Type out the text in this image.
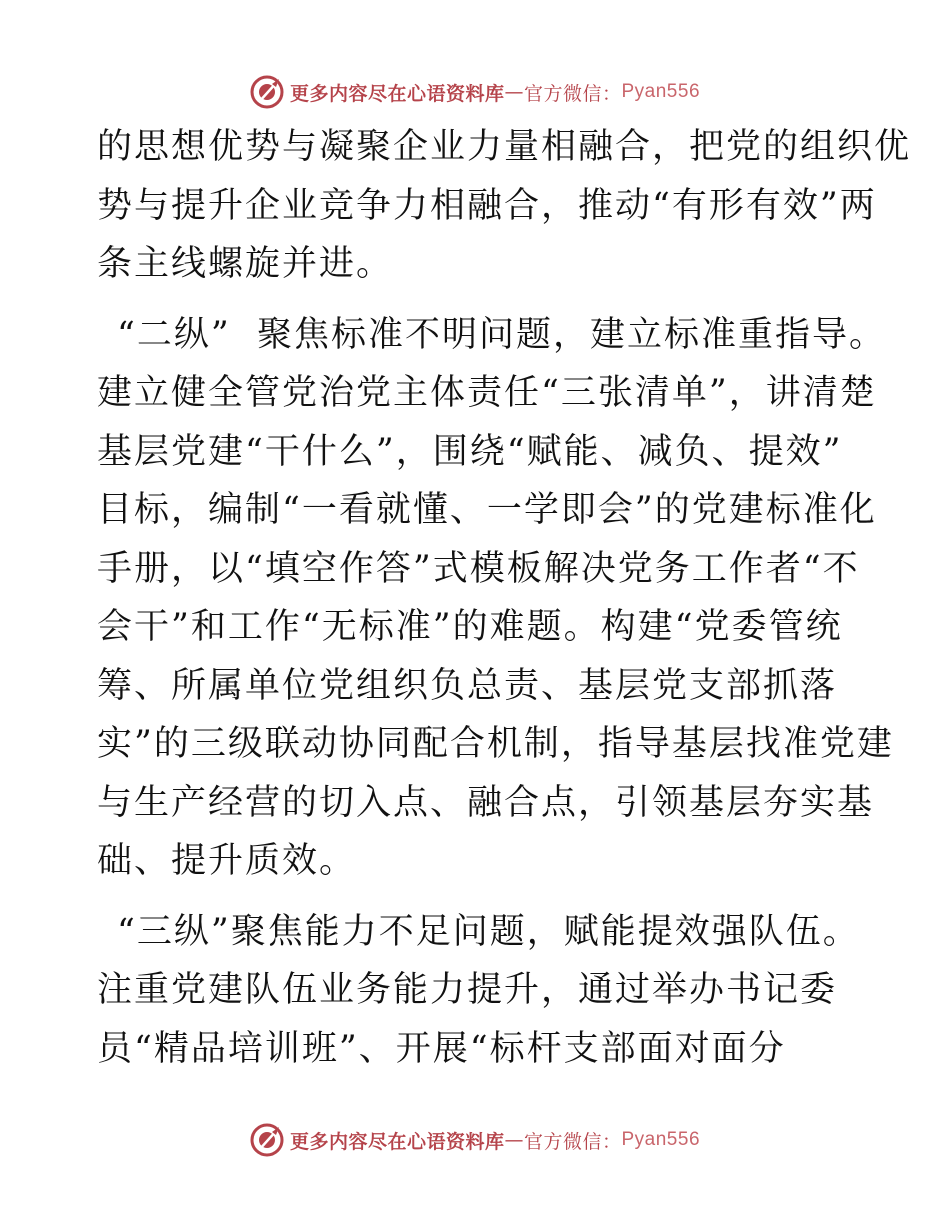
更多内容尽在心语资料库 — 官方微信： Pyan556

的思想优势与凝聚企业力量相融合，把党的组织优
势与提升企业竞争力相融合，推动“有形有效”两
条主线螺旋并进。

“二纵”  聚焦标准不明问题，建立标准重指导。
建立健全管党治党主体责任“三张清单”，讲清楚
基层党建“干什么”，围绕“赋能、减负、提效”
目标，编制“一看就懂、一学即会”的党建标准化
手册，以“填空作答”式模板解决党务工作者“不
会干”和工作“无标准”的难题。构建“党委管统
筹、所属单位党组织负总责、基层党支部抓落
实”的三级联动协同配合机制，指导基层找准党建
与生产经营的切入点、融合点，引领基层夯实基
础、提升质效。

“三纵”聚焦能力不足问题，赋能提效强队伍。
注重党建队伍业务能力提升，通过举办书记委
员“精品培训班”、开展“标杆支部面对面分

更多内容尽在心语资料库 — 官方微信： Pyan556
